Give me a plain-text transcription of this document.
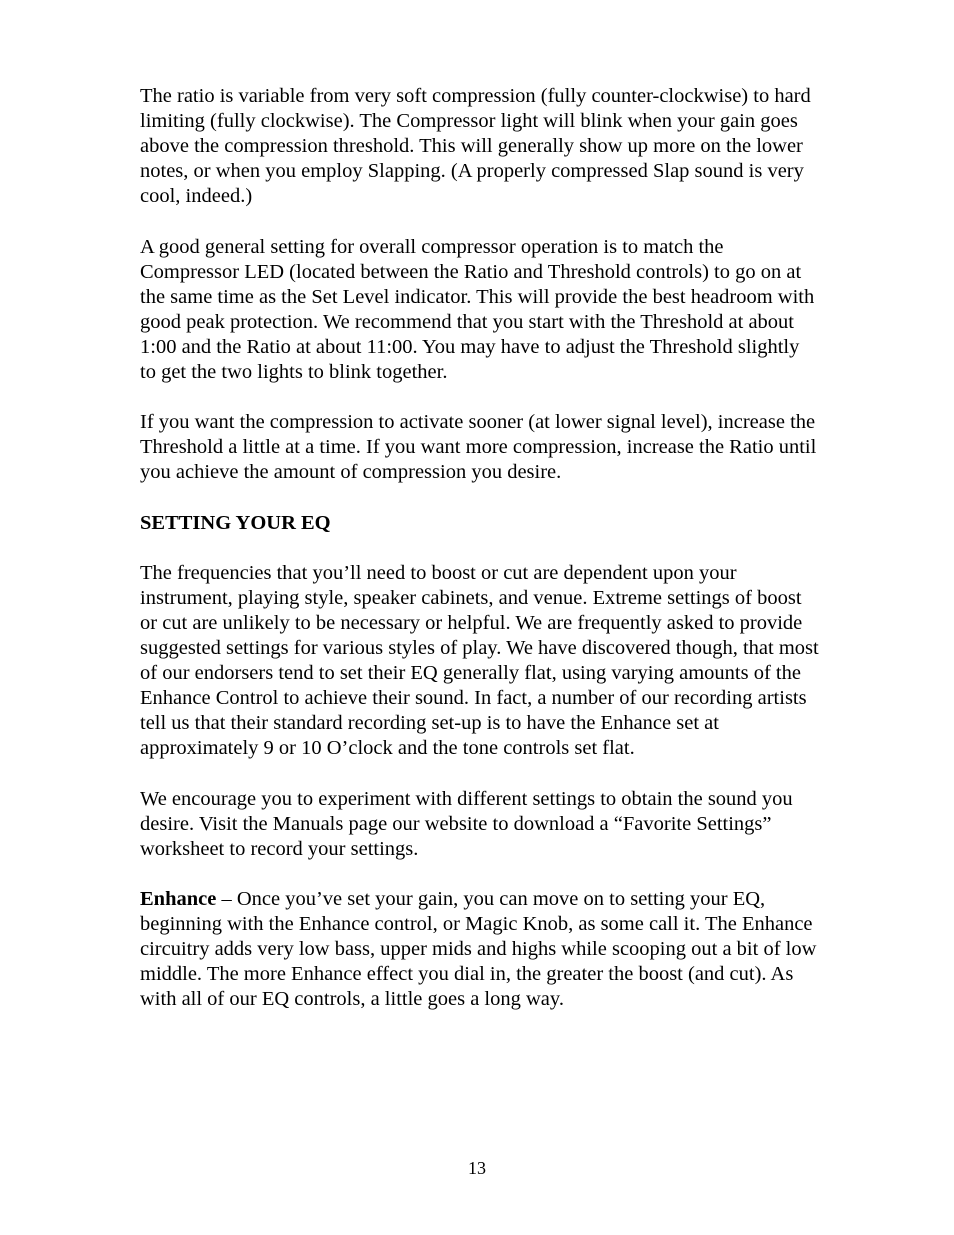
The ratio is variable from very soft compression (fully counter-clockwise) to hard limiting (fully clockwise). The Compressor light will blink when your gain goes above the compression threshold. This will generally show up more on the lower notes, or when you employ Slapping. (A properly compressed Slap sound is very cool, indeed.)

A good general setting for overall compressor operation is to match the Compressor LED (located between the Ratio and Threshold controls) to go on at the same time as the Set Level indicator. This will provide the best headroom with good peak protection. We recommend that you start with the Threshold at about 1:00 and the Ratio at about 11:00. You may have to adjust the Threshold slightly to get the two lights to blink together.

If you want the compression to activate sooner (at lower signal level), increase the Threshold a little at a time. If you want more compression, increase the Ratio until you achieve the amount of compression you desire.

SETTING YOUR EQ

The frequencies that you’ll need to boost or cut are dependent upon your instrument, playing style, speaker cabinets, and venue. Extreme settings of boost or cut are unlikely to be necessary or helpful. We are frequently asked to provide suggested settings for various styles of play. We have discovered though, that most of our endorsers tend to set their EQ generally flat, using varying amounts of the Enhance Control to achieve their sound. In fact, a number of our recording artists tell us that their standard recording set-up is to have the Enhance set at approximately 9 or 10 O’clock and the tone controls set flat.

We encourage you to experiment with different settings to obtain the sound you desire. Visit the Manuals page our website to download a “Favorite Settings” worksheet to record your settings.

Enhance – Once you’ve set your gain, you can move on to setting your EQ, beginning with the Enhance control, or Magic Knob, as some call it. The Enhance circuitry adds very low bass, upper mids and highs while scooping out a bit of low middle. The more Enhance effect you dial in, the greater the boost (and cut). As with all of our EQ controls, a little goes a long way.

13
